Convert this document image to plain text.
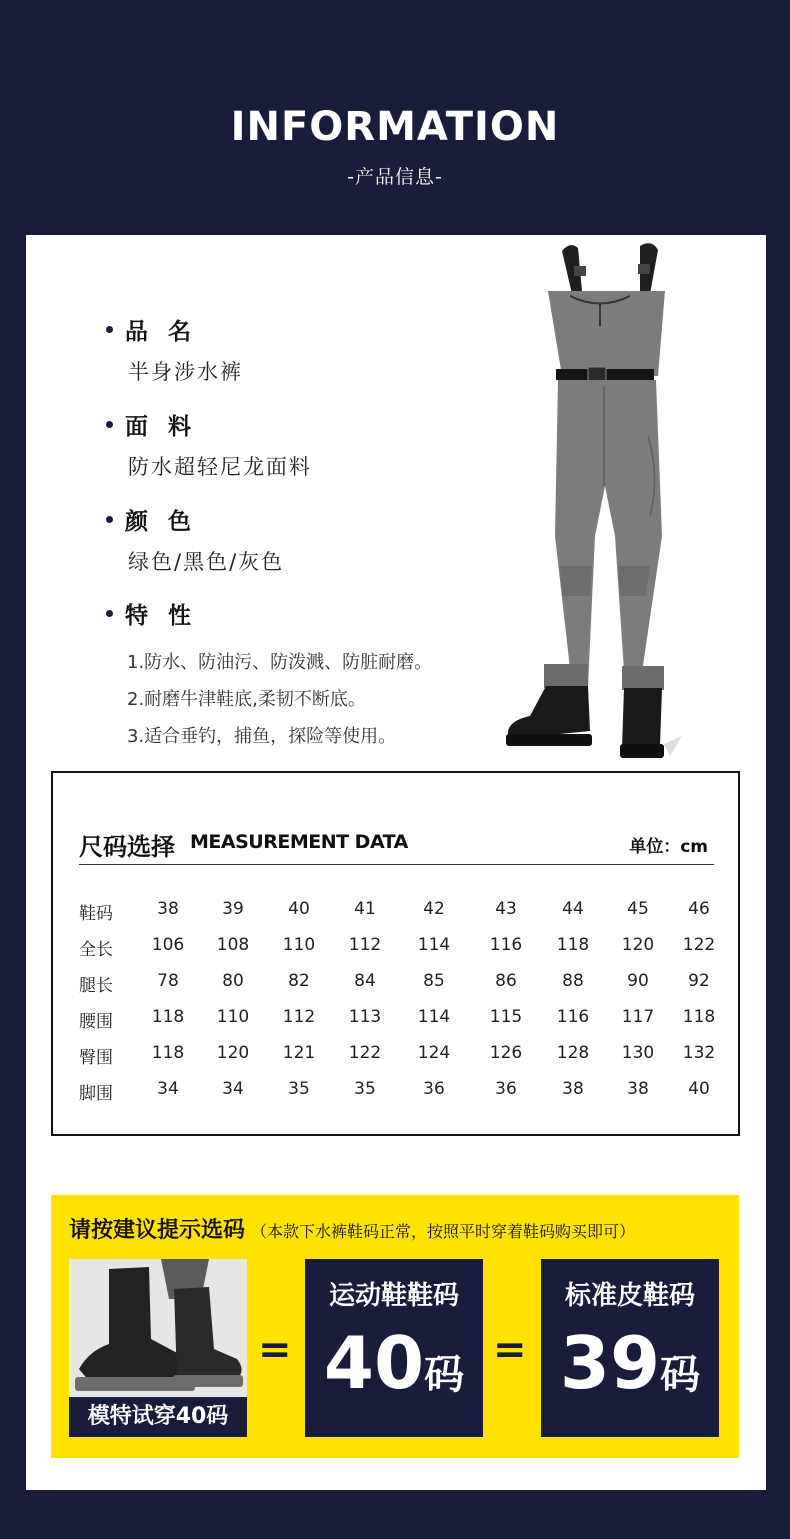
INFORMATION
-产品信息-
品 名
半身涉水裤
面 料
防水超轻尼龙面料
颜 色
绿色/黑色/灰色
特 性
1.防水、防油污、防泼溅、防脏耐磨。
2.耐磨牛津鞋底,柔韧不断底。
3.适合垂钓，捕鱼，探险等使用。
尺码选择 MEASUREMENT DATA	单位：cm
鞋码	38	39	40	41	42	43	44	45 46
全长 106 108 110 112 114 116 118 120 122
腿长	78	80	82	84	85	86	88	90 92
腰围 118 110 112 113 114 115 116 117 118
臀围 118 120 121 122 124 126 128 130 132
脚围	34	34	35	35	36	36	38	38 40
请按建议提示选码 （本款下水裤鞋码正常，按照平时穿着鞋码购买即可）
模特试穿40码
=
运动鞋鞋码
40码
=
标准皮鞋码
39码
